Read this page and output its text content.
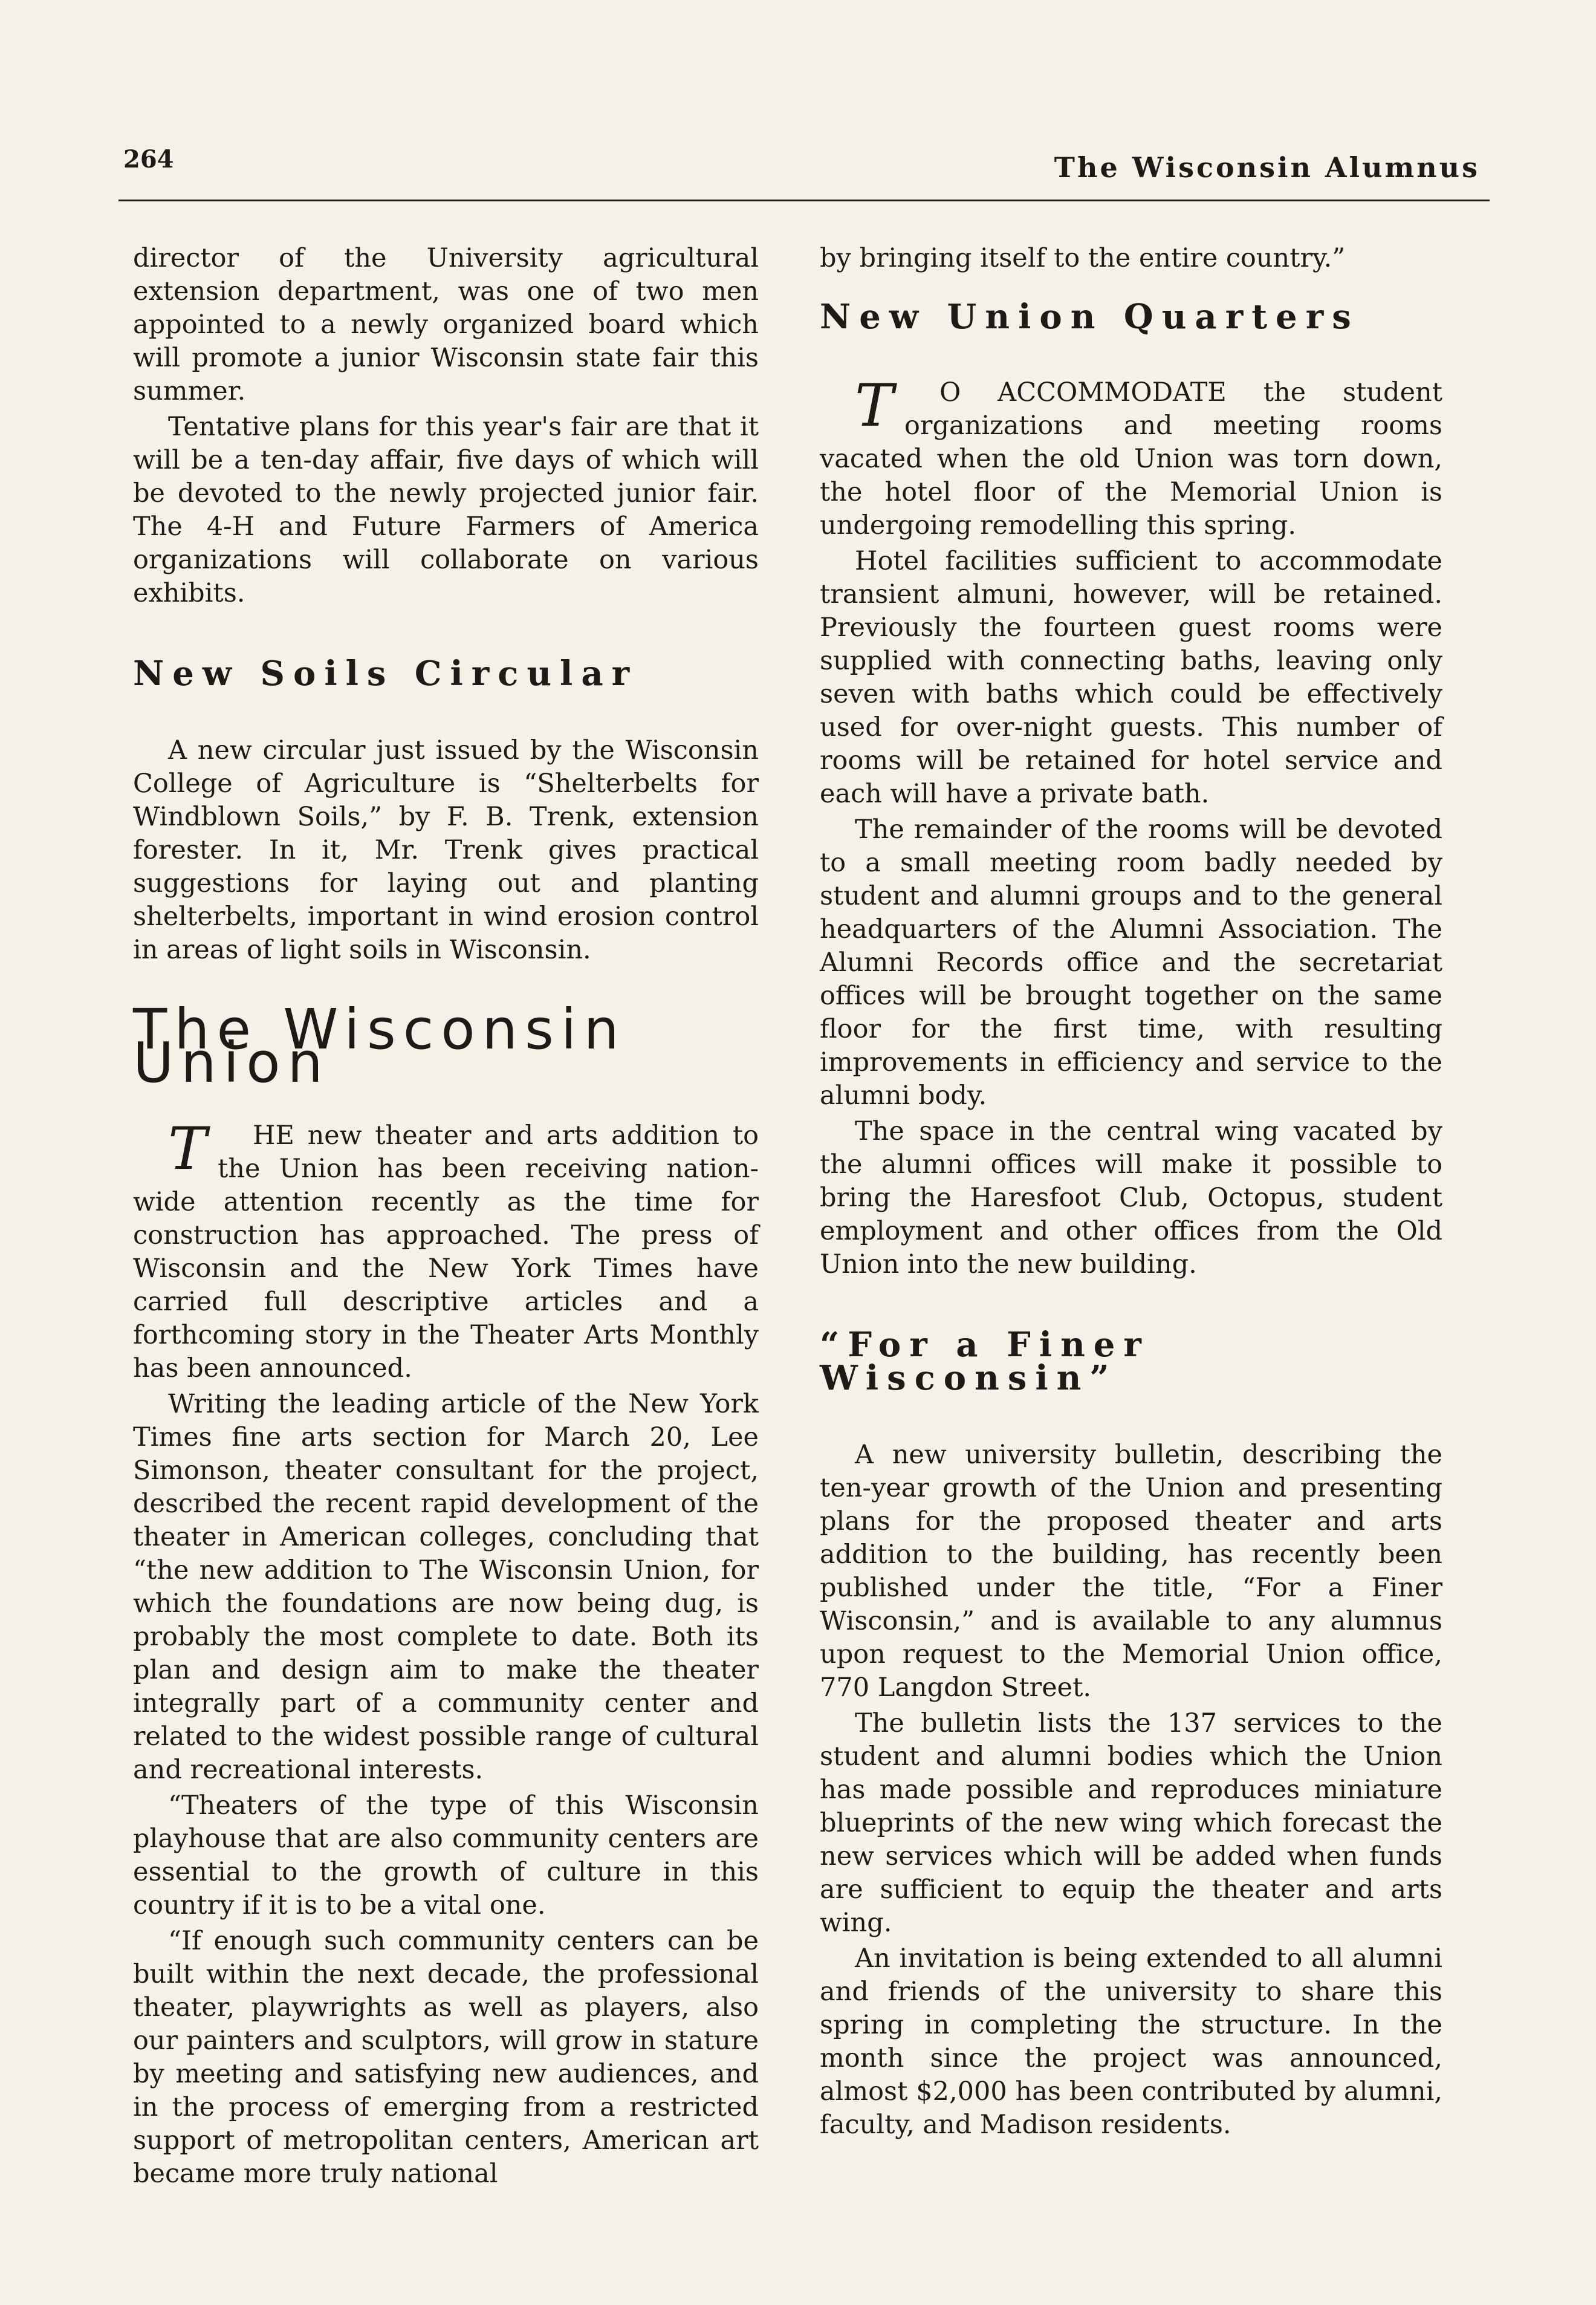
264	The Wisconsin Alumnus

director of the University agricultural extension department, was one of two men appointed to a newly organized board which will promote a junior Wisconsin state fair this summer.

Tentative plans for this year's fair are that it will be a ten-day affair, five days of which will be devoted to the newly projected junior fair. The 4-H and Future Farmers of America organizations will collaborate on various exhibits.

New Soils Circular

A new circular just issued by the Wisconsin College of Agriculture is “Shelterbelts for Windblown Soils,” by F. B. Trenk, extension forester. In it, Mr. Trenk gives practical suggestions for laying out and planting shelterbelts, important in wind erosion control in areas of light soils in Wisconsin.

The Wisconsin Union

T HE new theater and arts addition to the Union has been receiving nation-wide attention recently as the time for construction has approached. The press of Wisconsin and the New York Times have carried full descriptive articles and a forthcoming story in the Theater Arts Monthly has been announced.

Writing the leading article of the New York Times fine arts section for March 20, Lee Simonson, theater consultant for the project, described the recent rapid development of the theater in American colleges, concluding that “the new addition to The Wisconsin Union, for which the foundations are now being dug, is probably the most complete to date. Both its plan and design aim to make the theater integrally part of a community center and related to the widest possible range of cultural and recreational interests.

“Theaters of the type of this Wisconsin playhouse that are also community centers are essential to the growth of culture in this country if it is to be a vital one.

“If enough such community centers can be built within the next decade, the professional theater, playwrights as well as players, also our painters and sculptors, will grow in stature by meeting and satisfying new audiences, and in the process of emerging from a restricted support of metropolitan centers, American art became more truly national

by bringing itself to the entire country.”

New Union Quarters

T O ACCOMMODATE the student organizations and meeting rooms vacated when the old Union was torn down, the hotel floor of the Memorial Union is undergoing remodelling this spring.

Hotel facilities sufficient to accommodate transient almuni, however, will be retained. Previously the fourteen guest rooms were supplied with connecting baths, leaving only seven with baths which could be effectively used for over-night guests. This number of rooms will be retained for hotel service and each will have a private bath.

The remainder of the rooms will be devoted to a small meeting room badly needed by student and alumni groups and to the general headquarters of the Alumni Association. The Alumni Records office and the secretariat offices will be brought together on the same floor for the first time, with resulting improvements in efficiency and service to the alumni body.

The space in the central wing vacated by the alumni offices will make it possible to bring the Haresfoot Club, Octopus, student employment and other offices from the Old Union into the new building.

“For a Finer Wisconsin”

A new university bulletin, describing the ten-year growth of the Union and presenting plans for the proposed theater and arts addition to the building, has recently been published under the title, “For a Finer Wisconsin,” and is available to any alumnus upon request to the Memorial Union office, 770 Langdon Street.

The bulletin lists the 137 services to the student and alumni bodies which the Union has made possible and reproduces miniature blueprints of the new wing which forecast the new services which will be added when funds are sufficient to equip the theater and arts wing.

An invitation is being extended to all alumni and friends of the university to share this spring in completing the structure. In the month since the project was announced, almost $2,000 has been contributed by alumni, faculty, and Madison residents.
